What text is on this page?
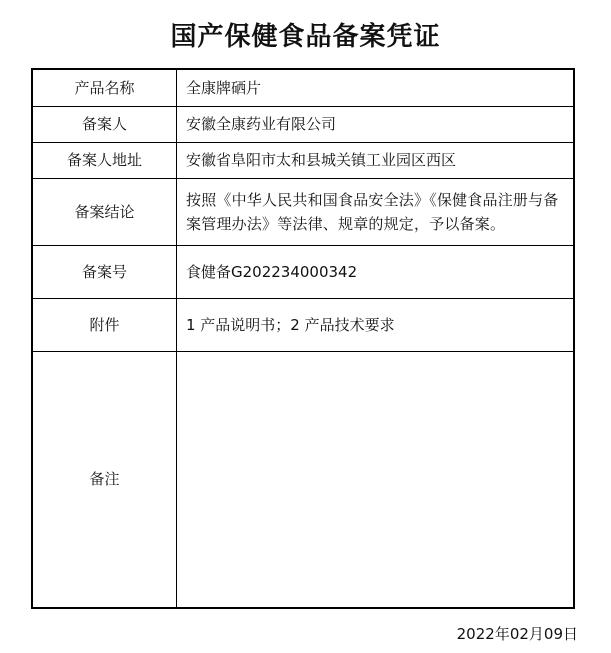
国产保健食品备案凭证
产品名称	全康牌硒片
备案人	安徽全康药业有限公司
备案人地址	安徽省阜阳市太和县城关镇工业园区西区
备案结论	按照《中华人民共和国食品安全法》《保健食品注册与备案管理办法》等法律、规章的规定，予以备案。
备案号	食健备G202234000342
附件	1 产品说明书；2 产品技术要求
备注	
2022年02月09日
